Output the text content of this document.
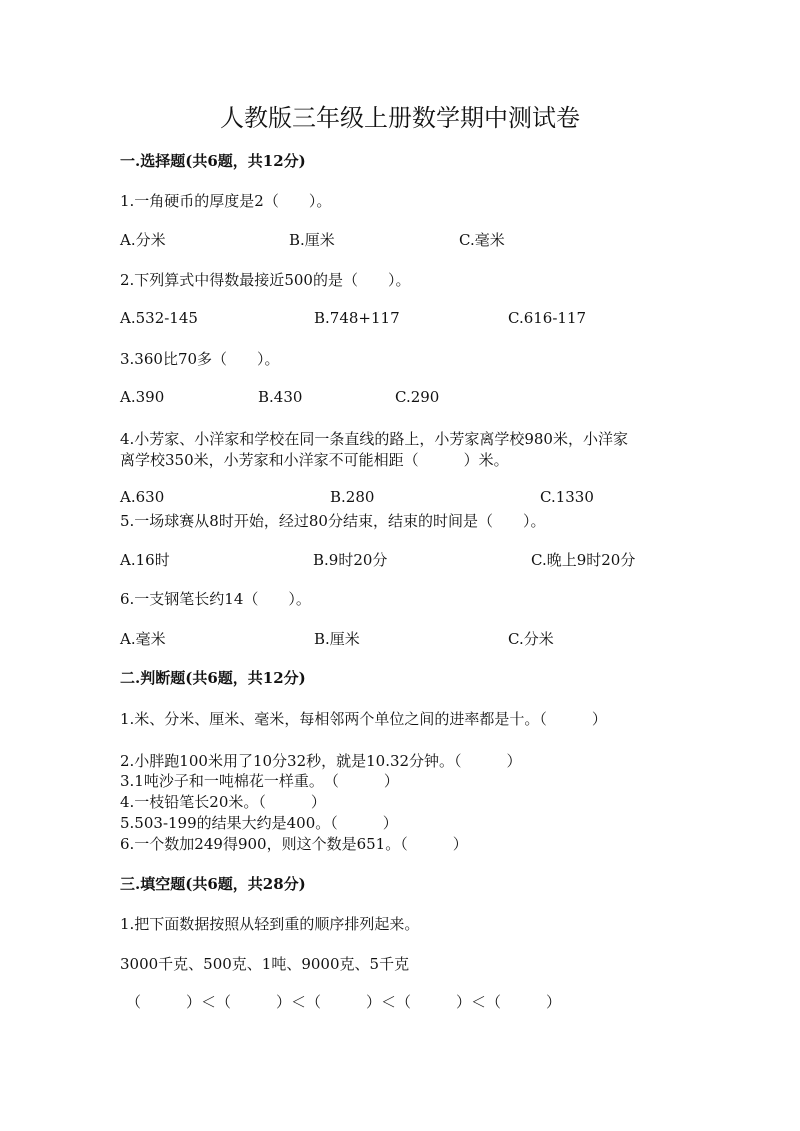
人教版三年级上册数学期中测试卷
一.选择题(共6题，共12分)
1.一角硬币的厚度是2（　　）。
A.分米	B.厘米	C.毫米
2.下列算式中得数最接近500的是（　　）。
A.532-145	B.748+117	C.616-117
3.360比70多（　　）。
A.390	B.430	C.290
4.小芳家、小洋家和学校在同一条直线的路上，小芳家离学校980米，小洋家
离学校350米，小芳家和小洋家不可能相距（　　　）米。
A.630	B.280	C.1330
5.一场球赛从8时开始，经过80分结束，结束的时间是（　　）。
A.16时	B.9时20分	C.晚上9时20分
6.一支钢笔长约14（　　）。
A.毫米	B.厘米	C.分米
二.判断题(共6题，共12分)
1.米、分米、厘米、毫米，每相邻两个单位之间的进率都是十。（　　　）
2.小胖跑100米用了10分32秒，就是10.32分钟。（　　　）
3.1吨沙子和一吨棉花一样重。　（　　　）
4.一枝铅笔长20米。（　　　）
5.503-199的结果大约是400。（　　　）
6.一个数加249得900，则这个数是651。（　　　）
三.填空题(共6题，共28分)
1.把下面数据按照从轻到重的顺序排列起来。
3000千克、500克、1吨、9000克、5千克
（　　　）＜（　　　）＜（　　　）＜（　　　）＜（　　　）
